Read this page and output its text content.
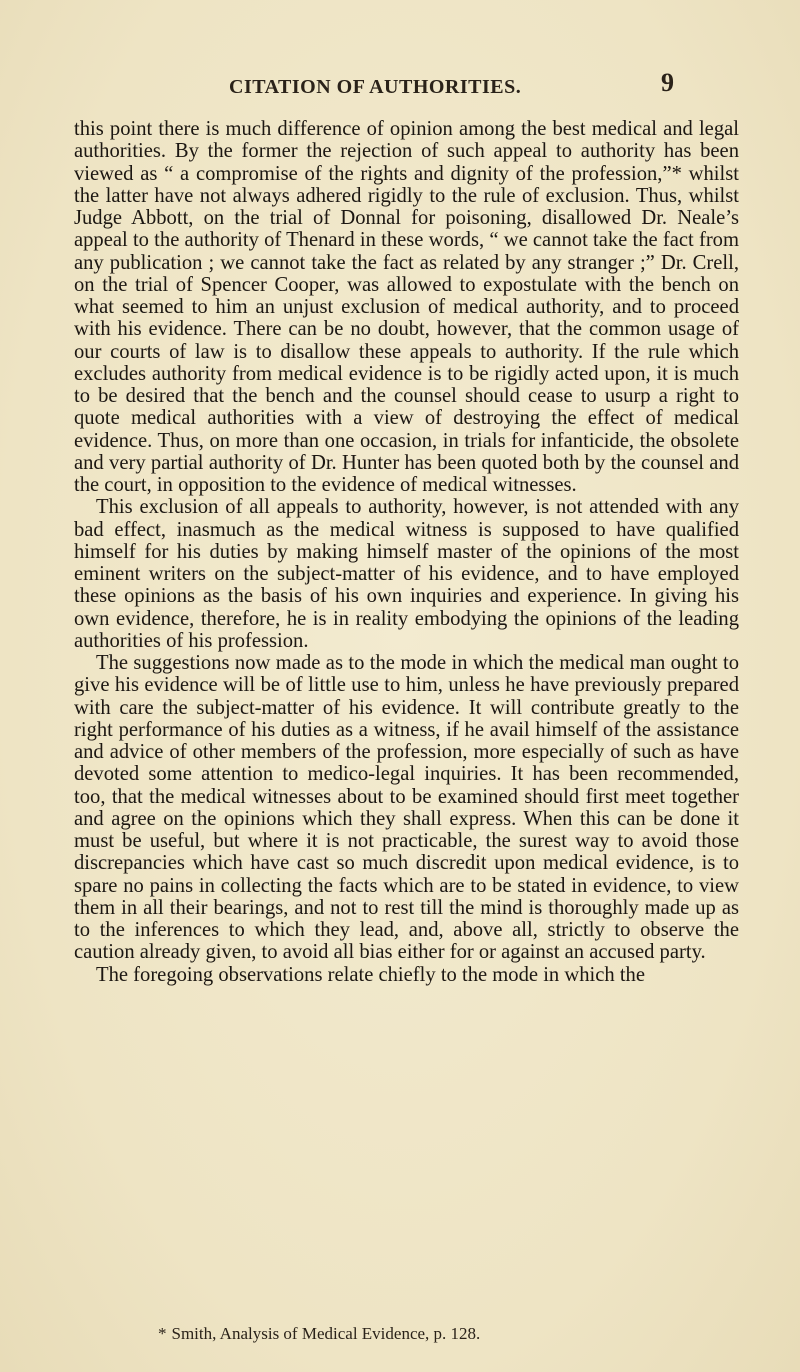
CITATION OF AUTHORITIES.	9

this point there is much difference of opinion among the best medical and legal authorities. By the former the rejection of such appeal to authority has been viewed as “ a compromise of the rights and dignity of the profession,”* whilst the latter have not always adhered rigidly to the rule of exclusion. Thus, whilst Judge Abbott, on the trial of Donnal for poisoning, disallowed Dr. Neale’s appeal to the authority of Thenard in these words, “ we cannot take the fact from any publication ; we cannot take the fact as related by any stranger ;” Dr. Crell, on the trial of Spencer Cooper, was allowed to expostulate with the bench on what seemed to him an unjust exclusion of medical authority, and to proceed with his evidence. There can be no doubt, however, that the common usage of our courts of law is to disallow these appeals to authority. If the rule which excludes authority from medical evidence is to be rigidly acted upon, it is much to be desired that the bench and the counsel should cease to usurp a right to quote medical authorities with a view of destroying the effect of medical evidence. Thus, on more than one occasion, in trials for infanticide, the obsolete and very partial authority of Dr. Hunter has been quoted both by the counsel and the court, in opposition to the evidence of medical witnesses.

This exclusion of all appeals to authority, however, is not attended with any bad effect, inasmuch as the medical witness is supposed to have qualified himself for his duties by making himself master of the opinions of the most eminent writers on the subject-matter of his evidence, and to have employed these opinions as the basis of his own inquiries and experience. In giving his own evidence, therefore, he is in reality embodying the opinions of the leading authorities of his profession.

The suggestions now made as to the mode in which the medical man ought to give his evidence will be of little use to him, unless he have previously prepared with care the subject-matter of his evidence. It will contribute greatly to the right performance of his duties as a witness, if he avail himself of the assistance and advice of other members of the profession, more especially of such as have devoted some attention to medico-legal inquiries. It has been recommended, too, that the medical witnesses about to be examined should first meet together and agree on the opinions which they shall express. When this can be done it must be useful, but where it is not practicable, the surest way to avoid those discrepancies which have cast so much discredit upon medical evidence, is to spare no pains in collecting the facts which are to be stated in evidence, to view them in all their bearings, and not to rest till the mind is thoroughly made up as to the inferences to which they lead, and, above all, strictly to observe the caution already given, to avoid all bias either for or against an accused party.

The foregoing observations relate chiefly to the mode in which the

* Smith, Analysis of Medical Evidence, p. 128.
